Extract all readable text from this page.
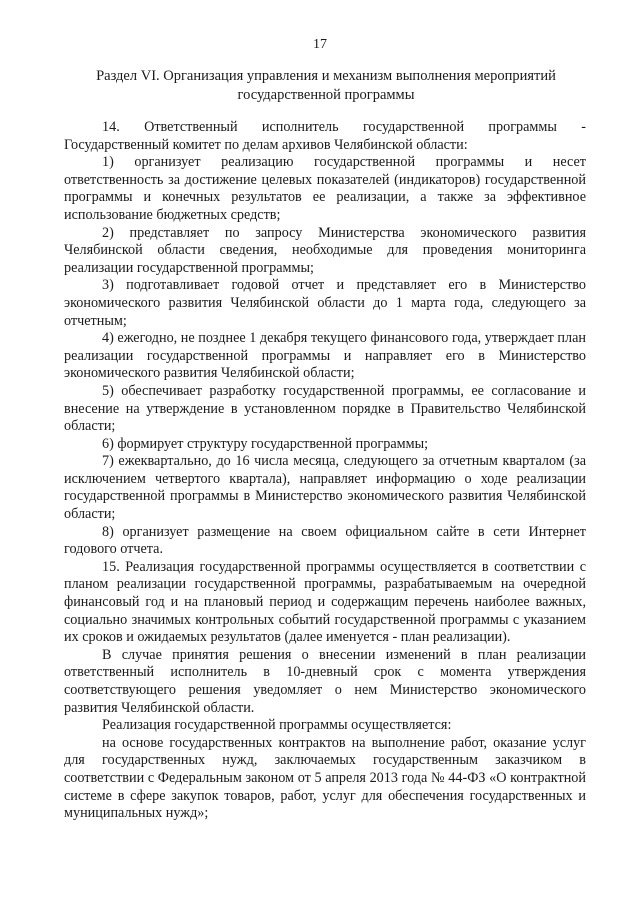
17
Раздел VI. Организация управления и механизм выполнения мероприятий
государственной программы

14. Ответственный исполнитель государственной программы - Государственный комитет по делам архивов Челябинской области:

1) организует реализацию государственной программы и несет ответственность за достижение целевых показателей (индикаторов) государственной программы и конечных результатов ее реализации, а также за эффективное использование бюджетных средств;

2) представляет по запросу Министерства экономического развития Челябинской области сведения, необходимые для проведения мониторинга реализации государственной программы;

3) подготавливает годовой отчет и представляет его в Министерство экономического развития Челябинской области до 1 марта года, следующего за отчетным;

4) ежегодно, не позднее 1 декабря текущего финансового года, утверждает план реализации государственной программы и направляет его в Министерство экономического развития Челябинской области;

5) обеспечивает разработку государственной программы, ее согласование и внесение на утверждение в установленном порядке в Правительство Челябинской области;

6) формирует структуру государственной программы;

7) ежеквартально, до 16 числа месяца, следующего за отчетным кварталом (за исключением четвертого квартала), направляет информацию о ходе реализации государственной программы в Министерство экономического развития Челябинской области;

8) организует размещение на своем официальном сайте в сети Интернет годового отчета.

15. Реализация государственной программы осуществляется в соответствии с планом реализации государственной программы, разрабатываемым на очередной финансовый год и на плановый период и содержащим перечень наиболее важных, социально значимых контрольных событий государственной программы с указанием их сроков и ожидаемых результатов (далее именуется - план реализации).

В случае принятия решения о внесении изменений в план реализации ответственный исполнитель в 10-дневный срок с момента утверждения соответствующего решения уведомляет о нем Министерство экономического развития Челябинской области.

Реализация государственной программы осуществляется:

на основе государственных контрактов на выполнение работ, оказание услуг для государственных нужд, заключаемых государственным заказчиком в соответствии с Федеральным законом от 5 апреля 2013 года № 44-ФЗ «О контрактной системе в сфере закупок товаров, работ, услуг для обеспечения государственных и муниципальных нужд»;
